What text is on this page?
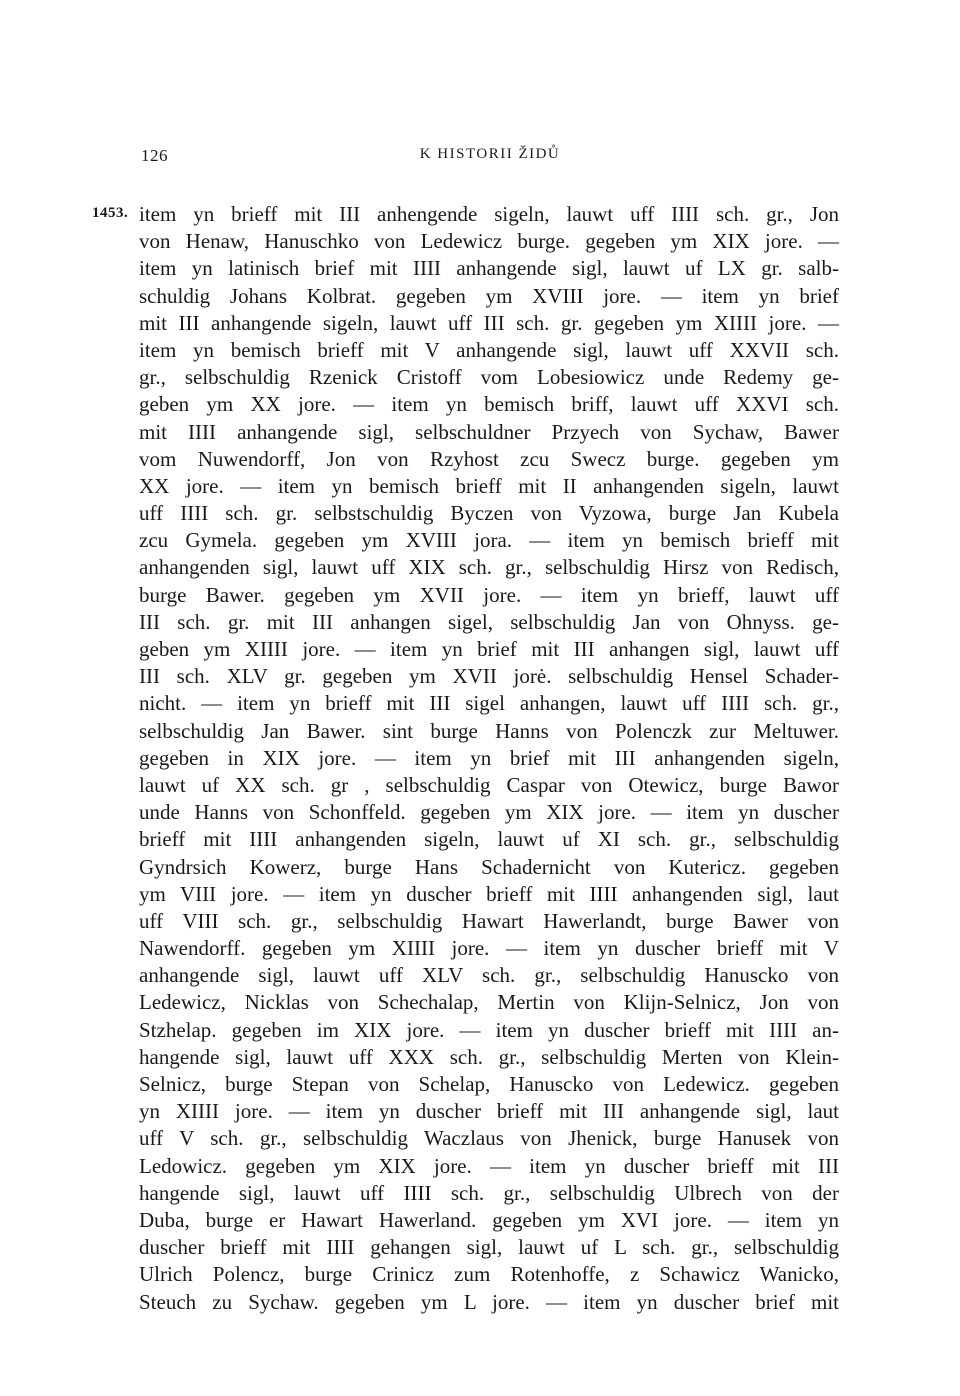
126	K HISTORII ŽIDŮ
1453. item yn brieff mit III anhengende sigeln, lauwt uff IIII sch. gr., Jon
von Henaw, Hanuschko von Ledewicz burge. gegeben ym XIX jore. —
item yn latinisch brief mit IIII anhangende sigl, lauwt uf LX gr. salb-
schuldig Johans Kolbrat. gegeben ym XVIII jore. — item yn brief
mit III anhangende sigeln, lauwt uff III sch. gr. gegeben ym XIIII jore. —
item yn bemisch brieff mit V anhangende sigl, lauwt uff XXVII sch.
gr., selbschuldig Rzenick Cristoff vom Lobesiowicz unde Redemy ge-
geben ym XX jore. — item yn bemisch briff, lauwt uff XXVI sch.
mit IIII anhangende sigl, selbschuldner Przyech von Sychaw, Bawer
vom Nuwendorff, Jon von Rzyhost zcu Swecz burge. gegeben ym
XX jore. — item yn bemisch brieff mit II anhangenden sigeln, lauwt
uff IIII sch. gr. selbstschuldig Byczen von Vyzowa, burge Jan Kubela
zcu Gymela. gegeben ym XVIII jora. — item yn bemisch brieff mit
anhangenden sigl, lauwt uff XIX sch. gr., selbschuldig Hirsz von Redisch,
burge Bawer. gegeben ym XVII jore. — item yn brieff, lauwt uff
III sch. gr. mit III anhangen sigel, selbschuldig Jan von Ohnyss. ge-
geben ym XIIII jore. — item yn brief mit III anhangen sigl, lauwt uff
III sch. XLV gr. gegeben ym XVII jorė. selbschuldig Hensel Schader-
nicht. — item yn brieff mit III sigel anhangen, lauwt uff IIII sch. gr.,
selbschuldig Jan Bawer. sint burge Hanns von Polenczk zur Meltuwer.
gegeben in XIX jore. — item yn brief mit III anhangenden sigeln,
lauwt uf XX sch. gr , selbschuldig Caspar von Otewicz, burge Bawor
unde Hanns von Schonffeld. gegeben ym XIX jore. — item yn duscher
brieff mit IIII anhangenden sigeln, lauwt uf XI sch. gr., selbschuldig
Gyndrsich Kowerz, burge Hans Schadernicht von Kutericz. gegeben
ym VIII jore. — item yn duscher brieff mit IIII anhangenden sigl, laut
uff VIII sch. gr., selbschuldig Hawart Hawerlandt, burge Bawer von
Nawendorff. gegeben ym XIIII jore. — item yn duscher brieff mit V
anhangende sigl, lauwt uff XLV sch. gr., selbschuldig Hanuscko von
Ledewicz, Nicklas von Schechalap, Mertin von Klijn-Selnicz, Jon von
Stzhelap. gegeben im XIX jore. — item yn duscher brieff mit IIII an-
hangende sigl, lauwt uff XXX sch. gr., selbschuldig Merten von Klein-
Selnicz, burge Stepan von Schelap, Hanuscko von Ledewicz. gegeben
yn XIIII jore. — item yn duscher brieff mit III anhangende sigl, laut
uff V sch. gr., selbschuldig Waczlaus von Jhenick, burge Hanusek von
Ledowicz. gegeben ym XIX jore. — item yn duscher brieff mit III
hangende sigl, lauwt uff IIII sch. gr., selbschuldig Ulbrech von der
Duba, burge er Hawart Hawerland. gegeben ym XVI jore. — item yn
duscher brieff mit IIII gehangen sigl, lauwt uf L sch. gr., selbschuldig
Ulrich Polencz, burge Crinicz zum Rotenhoffe, z Schawicz Wanicko,
Steuch zu Sychaw. gegeben ym L jore. — item yn duscher brief mit
